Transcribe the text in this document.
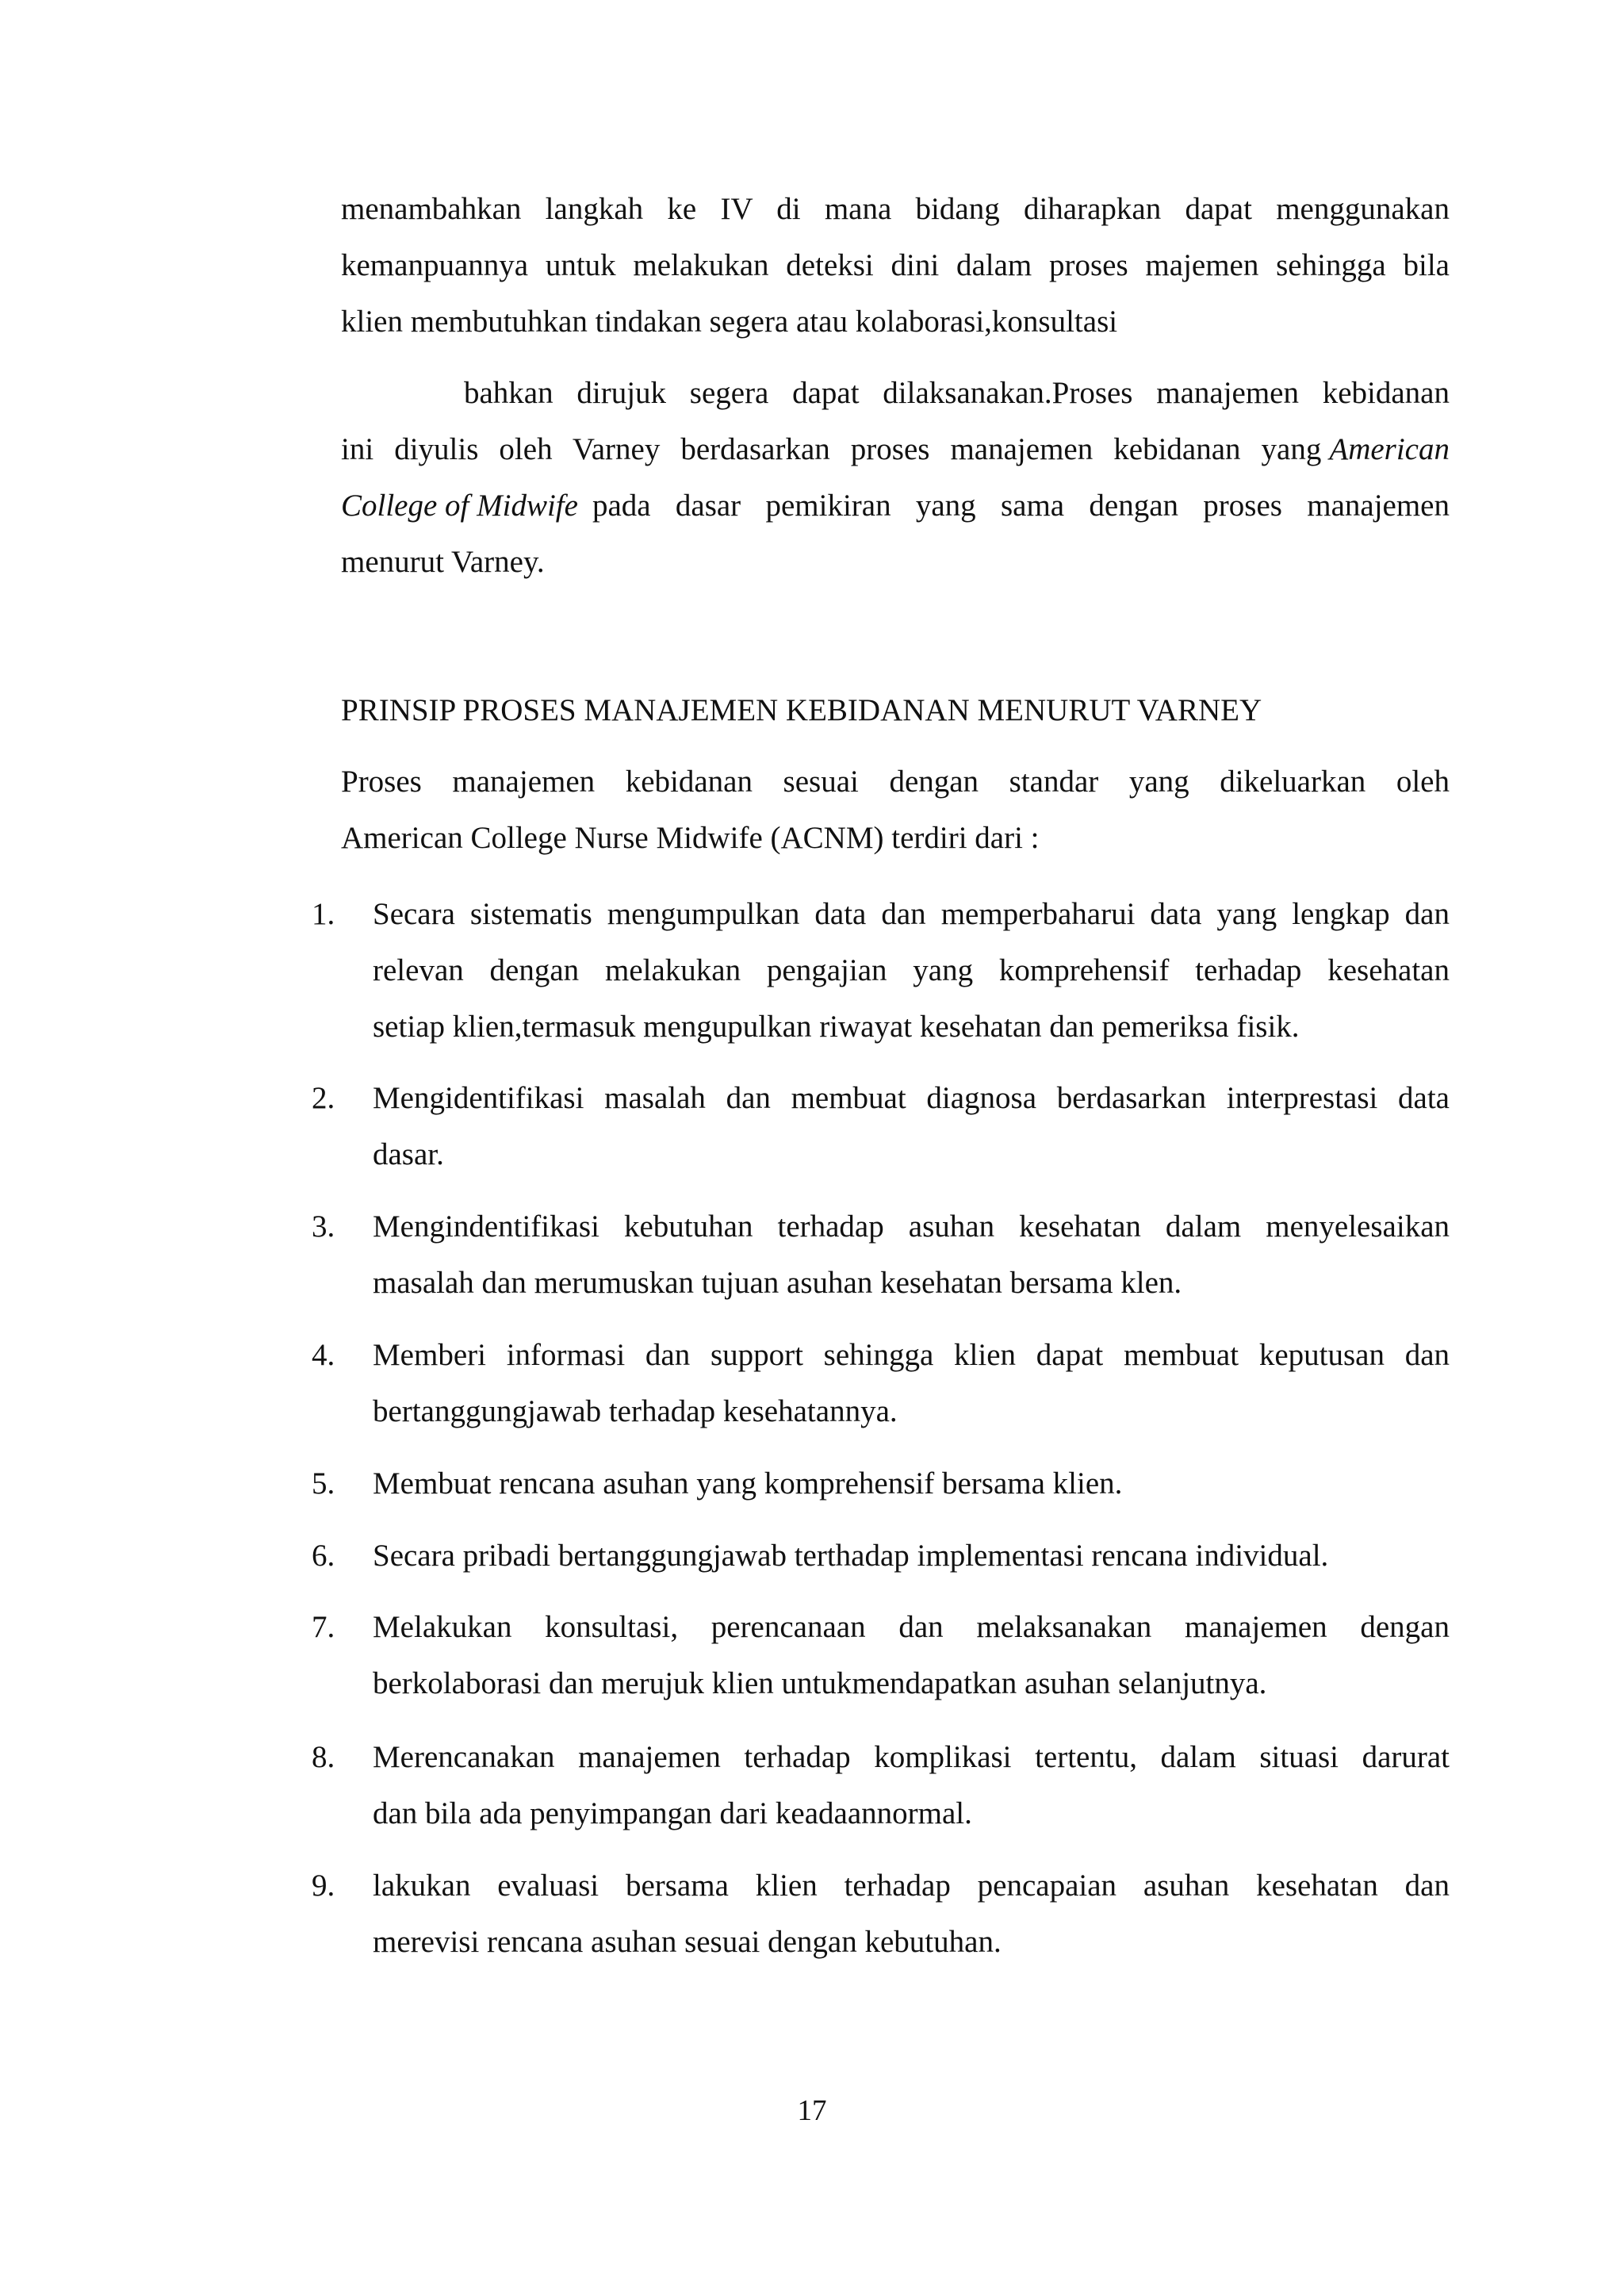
menambahkan langkah ke IV di mana bidang diharapkan dapat menggunakan
kemanpuannya untuk melakukan deteksi dini dalam proses majemen sehingga bila
klien membutuhkan tindakan segera atau kolaborasi,konsultasi
bahkan dirujuk segera dapat dilaksanakan.Proses manajemen kebidanan
ini diyulis oleh Varney berdasarkan proses manajemen kebidanan yang American
College of Midwife pada dasar pemikiran yang sama dengan proses manajemen
menurut Varney.

PRINSIP PROSES MANAJEMEN KEBIDANAN MENURUT VARNEY

Proses manajemen kebidanan sesuai dengan standar yang dikeluarkan oleh
American College Nurse Midwife (ACNM) terdiri dari :
1.	Secara sistematis mengumpulkan data dan memperbaharui data yang lengkap dan
relevan dengan melakukan pengajian yang komprehensif terhadap kesehatan
setiap klien,termasuk mengupulkan riwayat kesehatan dan pemeriksa fisik.
2.	Mengidentifikasi masalah dan membuat diagnosa berdasarkan interprestasi data
dasar.
3.	Mengindentifikasi kebutuhan terhadap asuhan kesehatan dalam menyelesaikan
masalah dan merumuskan tujuan asuhan kesehatan bersama klen.
4.	Memberi informasi dan support sehingga klien dapat membuat keputusan dan
bertanggungjawab terhadap kesehatannya.
5.	Membuat rencana asuhan yang komprehensif bersama klien.
6.	Secara pribadi bertanggungjawab terthadap implementasi rencana individual.
7.	Melakukan konsultasi, perencanaan dan melaksanakan manajemen dengan
berkolaborasi dan merujuk klien untukmendapatkan asuhan selanjutnya.
8.	Merencanakan manajemen terhadap komplikasi tertentu, dalam situasi darurat
dan bila ada penyimpangan dari keadaannormal.
9.	lakukan evaluasi bersama klien terhadap pencapaian asuhan kesehatan dan
merevisi rencana asuhan sesuai dengan kebutuhan.
17
